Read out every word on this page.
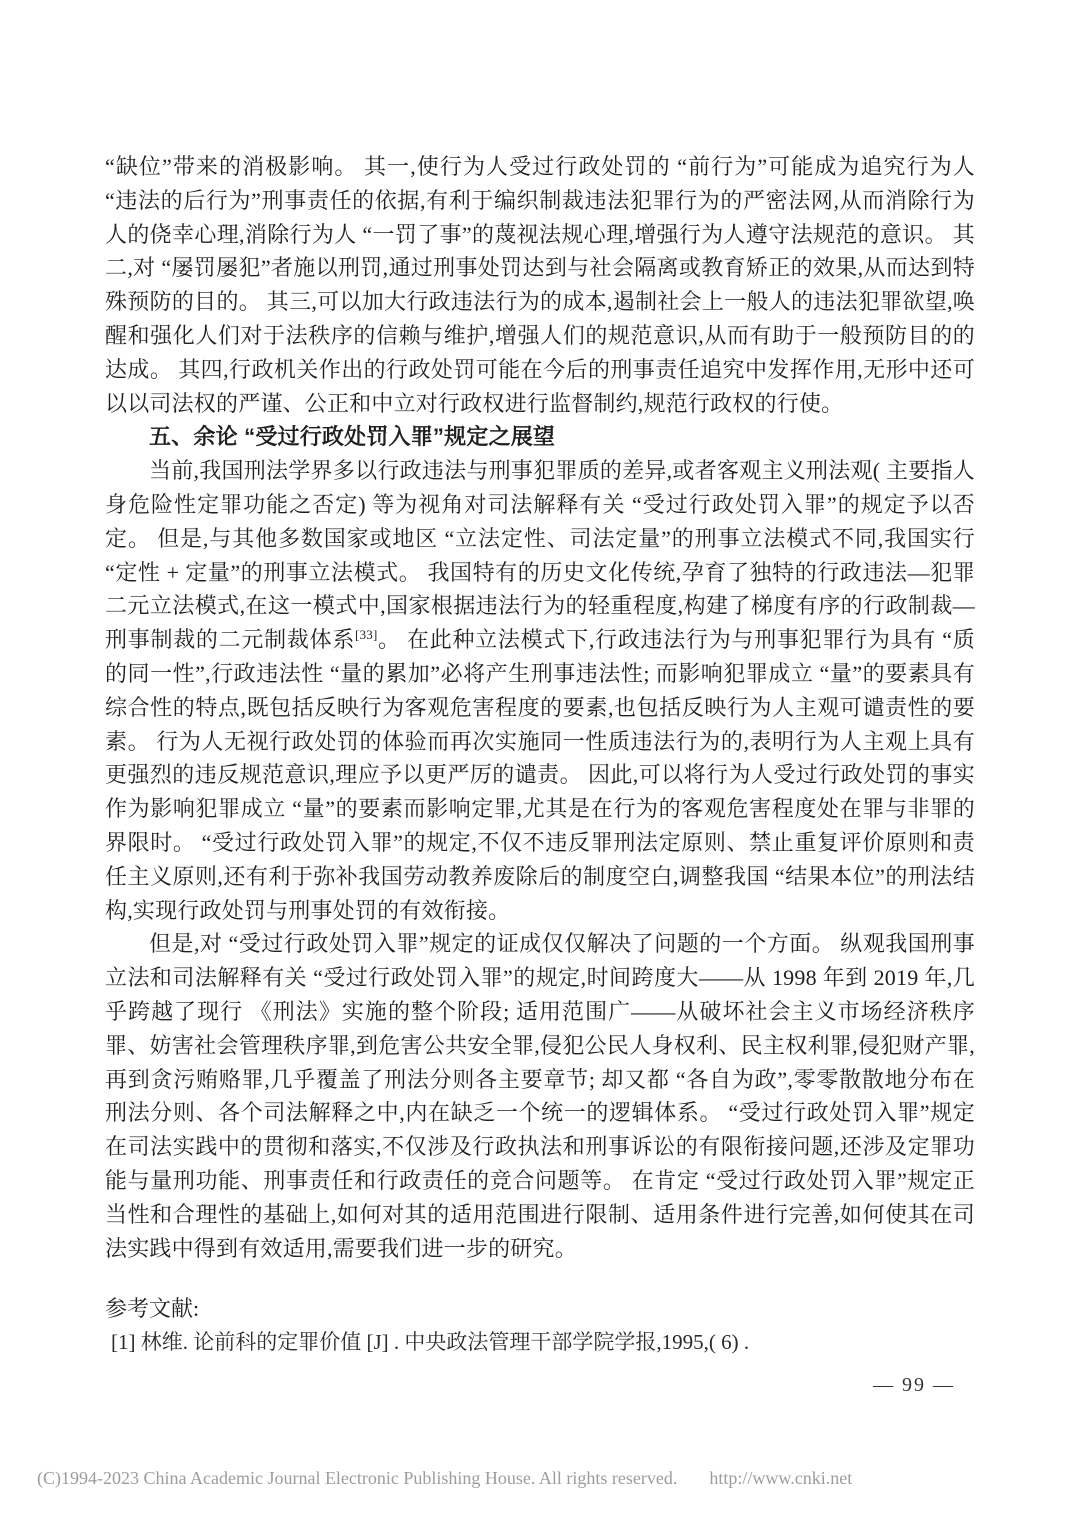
“缺位”带来的消极影响。 其一,使行为人受过行政处罚的 “前行为”可能成为追究行为人 “违法的后行为”刑事责任的依据,有利于编织制裁违法犯罪行为的严密法网,从而消除行为人的侥幸心理,消除行为人 “一罚了事”的蔑视法规心理,增强行为人遵守法规范的意识。 其二,对 “屡罚屡犯”者施以刑罚,通过刑事处罚达到与社会隔离或教育矫正的效果,从而达到特殊预防的目的。 其三,可以加大行政违法行为的成本,遏制社会上一般人的违法犯罪欲望,唤醒和强化人们对于法秩序的信赖与维护,增强人们的规范意识,从而有助于一般预防目的的达成。 其四,行政机关作出的行政处罚可能在今后的刑事责任追究中发挥作用,无形中还可以以司法权的严谨、公正和中立对行政权进行监督制约,规范行政权的行使。

五、余论 “受过行政处罚入罪”规定之展望

当前,我国刑法学界多以行政违法与刑事犯罪质的差异,或者客观主义刑法观( 主要指人身危险性定罪功能之否定) 等为视角对司法解释有关 “受过行政处罚入罪”的规定予以否定。 但是,与其他多数国家或地区 “立法定性、司法定量”的刑事立法模式不同,我国实行 “定性 + 定量”的刑事立法模式。 我国特有的历史文化传统,孕育了独特的行政违法—犯罪二元立法模式,在这一模式中,国家根据违法行为的轻重程度,构建了梯度有序的行政制裁—刑事制裁的二元制裁体系[33]。 在此种立法模式下,行政违法行为与刑事犯罪行为具有 “质的同一性”,行政违法性 “量的累加”必将产生刑事违法性; 而影响犯罪成立 “量”的要素具有综合性的特点,既包括反映行为客观危害程度的要素,也包括反映行为人主观可谴责性的要素。 行为人无视行政处罚的体验而再次实施同一性质违法行为的,表明行为人主观上具有更强烈的违反规范意识,理应予以更严厉的谴责。 因此,可以将行为人受过行政处罚的事实作为影响犯罪成立 “量”的要素而影响定罪,尤其是在行为的客观危害程度处在罪与非罪的界限时。 “受过行政处罚入罪”的规定,不仅不违反罪刑法定原则、禁止重复评价原则和责任主义原则,还有利于弥补我国劳动教养废除后的制度空白,调整我国 “结果本位”的刑法结构,实现行政处罚与刑事处罚的有效衔接。

但是,对 “受过行政处罚入罪”规定的证成仅仅解决了问题的一个方面。 纵观我国刑事立法和司法解释有关 “受过行政处罚入罪”的规定,时间跨度大——从 1998 年到 2019 年,几乎跨越了现行 《刑法》实施的整个阶段; 适用范围广——从破坏社会主义市场经济秩序罪、妨害社会管理秩序罪,到危害公共安全罪,侵犯公民人身权利、民主权利罪,侵犯财产罪,再到贪污贿赂罪,几乎覆盖了刑法分则各主要章节; 却又都 “各自为政”,零零散散地分布在刑法分则、各个司法解释之中,内在缺乏一个统一的逻辑体系。 “受过行政处罚入罪”规定在司法实践中的贯彻和落实,不仅涉及行政执法和刑事诉讼的有限衔接问题,还涉及定罪功能与量刑功能、刑事责任和行政责任的竞合问题等。 在肯定 “受过行政处罚入罪”规定正当性和合理性的基础上,如何对其的适用范围进行限制、适用条件进行完善,如何使其在司法实践中得到有效适用,需要我们进一步的研究。

参考文献:

[1] 林维. 论前科的定罪价值 [J] . 中央政法管理干部学院学报,1995,( 6) .

— 99 —
(C)1994-2023 China Academic Journal Electronic Publishing House. All rights reserved. http://www.cnki.net
